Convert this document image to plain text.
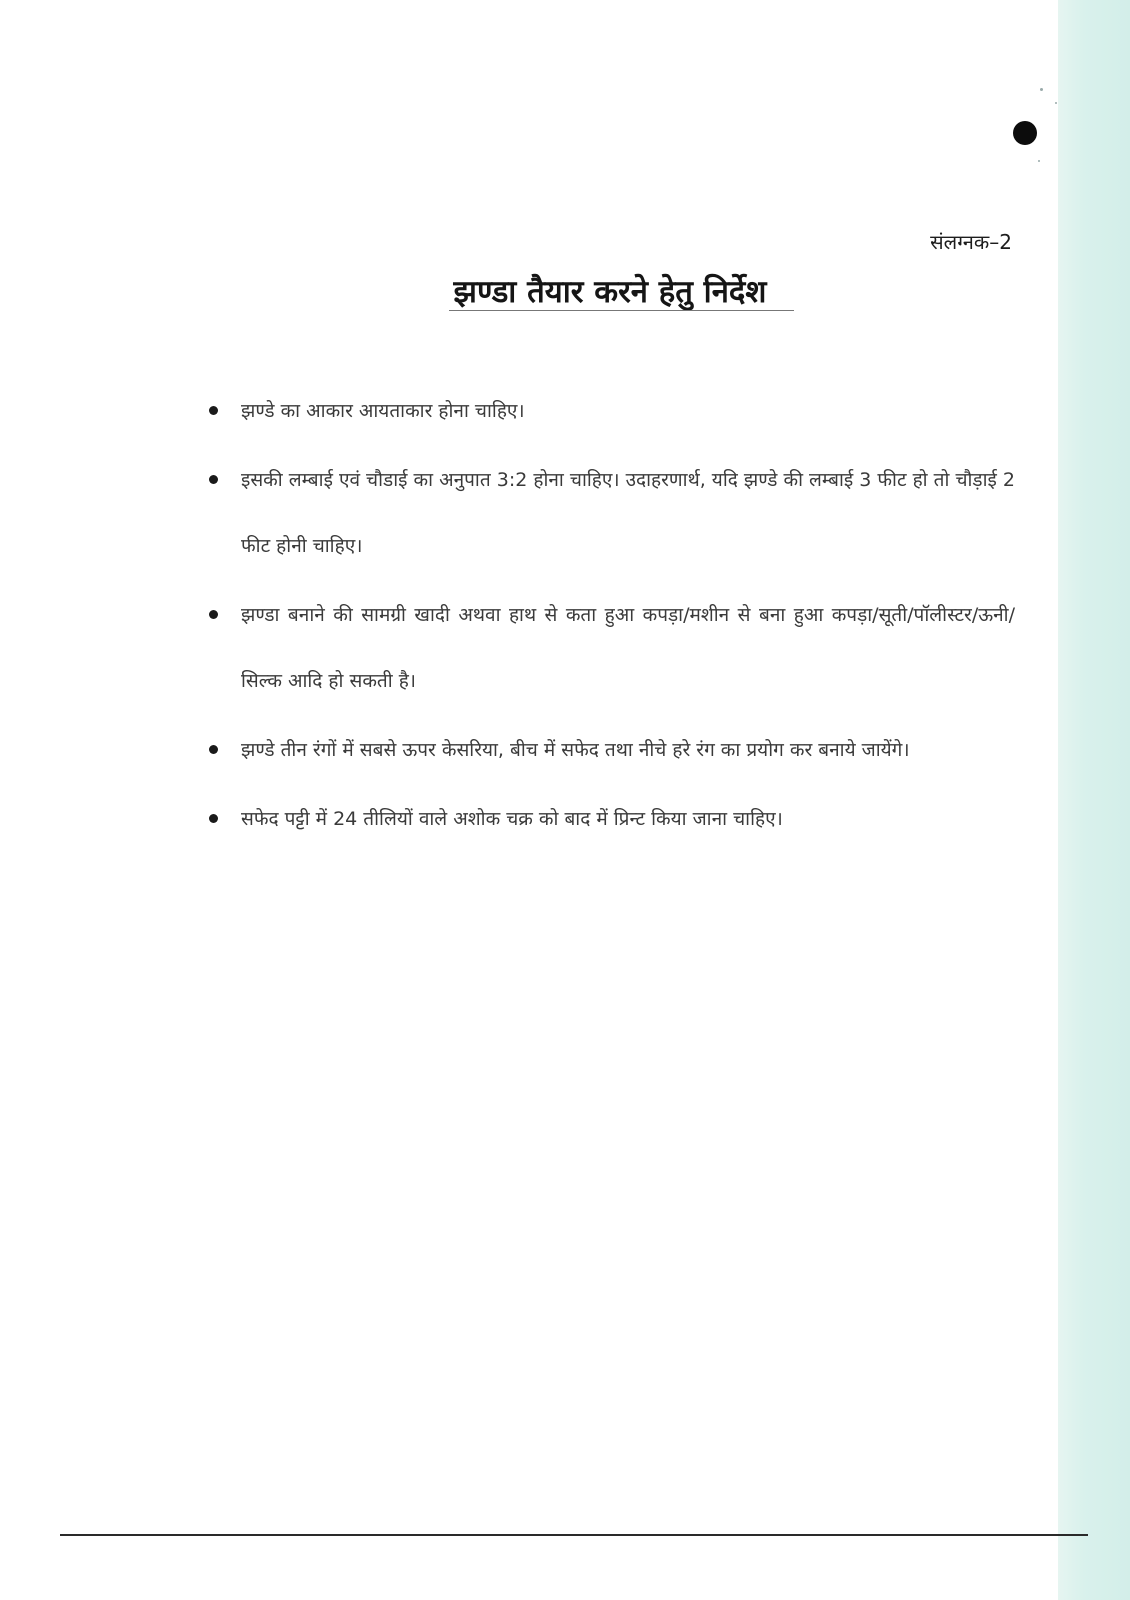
संलग्नक–2
झण्डा तैयार करने हेतु निर्देश
झण्डे का आकार आयताकार होना चाहिए।
इसकी लम्बाई एवं चौडाई का अनुपात 3:2 होना चाहिए। उदाहरणार्थ, यदि झण्डे की लम्बाई 3 फीट हो तो चौड़ाई 2 फीट होनी चाहिए।
झण्डा बनाने की सामग्री खादी अथवा हाथ से कता हुआ कपड़ा/मशीन से बना हुआ कपड़ा/सूती/पॉलीस्टर/ऊनी/सिल्क आदि हो सकती है।
झण्डे तीन रंगों में सबसे ऊपर केसरिया, बीच में सफेद तथा नीचे हरे रंग का प्रयोग कर बनाये जायेंगे।
सफेद पट्टी में 24 तीलियों वाले अशोक चक्र को बाद में प्रिन्ट किया जाना चाहिए।
